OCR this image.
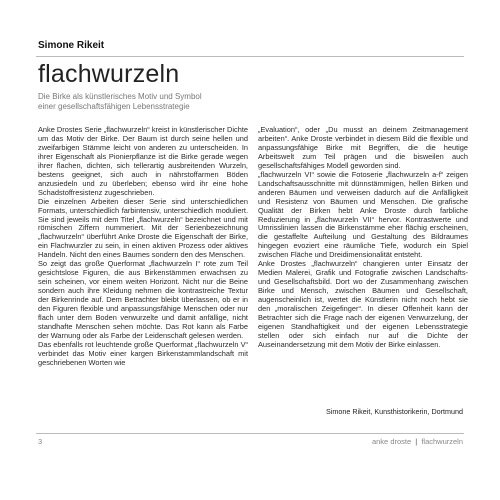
Simone Rikeit
flachwurzeln
Die Birke als künstlerisches Motiv und Symbol
einer gesellschaftsfähigen Lebensstrategie

Anke Drostes Serie „flachwurzeln“ kreist in künstlerischer Dichte um das Motiv der Birke. Der Baum ist durch seine hellen und zweifarbigen Stämme leicht von anderen zu unterscheiden. In ihrer Eigenschaft als Pionierpflanze ist die Birke gerade wegen ihrer flachen, dichten, sich tellerartig ausbreitenden Wurzeln, bestens geeignet, sich auch in nährstoffarmen Böden anzusiedeln und zu überleben; ebenso wird ihr eine hohe Schadstoffresistenz zugeschrieben.

Die einzelnen Arbeiten dieser Serie sind unterschiedlichen Formats, unterschiedlich farbintensiv, unterschiedlich moduliert. Sie sind jeweils mit dem Titel „flachwurzeln“ bezeichnet und mit römischen Ziffern nummeriert. Mit der Serienbezeichnung „flachwurzeln“ überführt Anke Droste die Eigenschaft der Birke, ein Flachwurzler zu sein, in einen aktiven Prozess oder aktives Handeln. Nicht den eines Baumes sondern den des Menschen.

So zeigt das große Querformat „flachwurzeln I“ rote zum Teil gesichtslose Figuren, die aus Birkenstämmen erwachsen zu sein scheinen, vor einem weiten Horizont. Nicht nur die Beine sondern auch ihre Kleidung nehmen die kontrastreiche Textur der Birkenrinde auf. Dem Betrachter bleibt überlassen, ob er in den Figuren flexible und anpassungsfähige Menschen oder nur flach unter dem Boden verwurzelte und damit anfällige, nicht standhafte Menschen sehen möchte. Das Rot kann als Farbe der Warnung oder als Farbe der Leidenschaft gelesen werden.

Das ebenfalls rot leuchtende große Querformat „flachwurzeln V“ verbindet das Motiv einer kargen Birkenstammlandschaft mit geschriebenen Worten wie

„Evaluation“, oder „Du musst an deinem Zeitmanagement arbeiten“. Anke Droste verbindet in diesem Bild die flexible und anpassungsfähige Birke mit Begriffen, die die heutige Arbeitswelt zum Teil prägen und die bisweilen auch gesellschaftsfähiges Modell geworden sind.

„flachwurzeln VI“ sowie die Fotoserie „flachwurzeln a-f“ zeigen Landschaftsausschnitte mit dünnstämmigen, hellen Birken und anderen Bäumen und verweisen dadurch auf die Anfälligkeit und Resistenz von Bäumen und Menschen. Die grafische Qualität der Birken hebt Anke Droste durch farbliche Reduzierung in „flachwurzeln VII“ hervor. Kontrastwerte und Umrisslinien lassen die Birkenstämme eher flächig erscheinen, die gestaffelte Aufteilung und Gestaltung des Bildraumes hingegen evoziert eine räumliche Tiefe, wodurch ein Spiel zwischen Fläche und Dreidimensionalität entsteht.

Anke Drostes „flachwurzeln“ changieren unter Einsatz der Medien Malerei, Grafik und Fotografie zwischen Landschafts- und Gesellschaftsbild. Dort wo der Zusammenhang zwischen Birke und Mensch, zwischen Bäumen und Gesellschaft, augenscheinlich ist, wertet die Künstlerin nicht noch hebt sie den „moralischen Zeigefinger“. In dieser Offenheit kann der Betrachter sich die Frage nach der eigenen Verwurzelung, der eigenen Standhaftigkeit und der eigenen Lebensstrategie stellen oder sich einfach nur auf die Dichte der Auseinandersetzung mit dem Motiv der Birke einlassen.

Simone Rikeit, Kunsthistorikerin, Dortmund
3	anke droste | flachwurzeln
